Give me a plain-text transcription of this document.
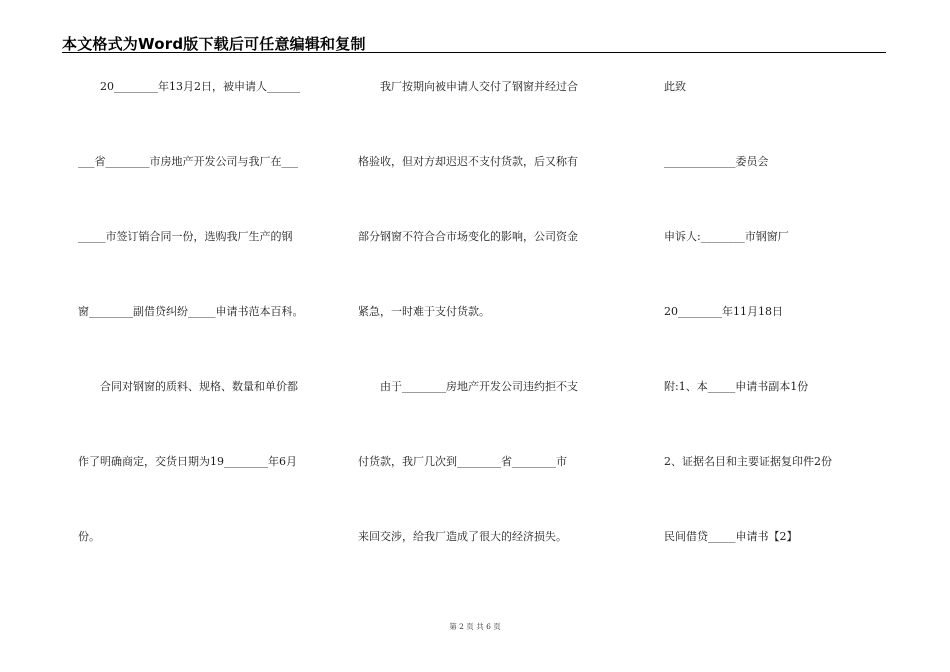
本文格式为Word版下载后可任意编辑和复制
20________年13月2日，被申请人______
___省________市房地产开发公司与我厂在___
_____市签订销合同一份，选购我厂生产的钢
窗________副借贷纠纷_____申请书范本百科。
合同对钢窗的质料、规格、数量和单价都
作了明确商定，交货日期为19________年6月
份。
我厂按期向被申请人交付了钢窗并经过合
格验收，但对方却迟迟不支付货款，后又称有
部分钢窗不符合合市场变化的影响，公司资金
紧急，一时难于支付货款。
由于________房地产开发公司违约拒不支
付货款，我厂几次到________省________市
来回交涉，给我厂造成了很大的经济损失。
此致
_____________委员会
申诉人:________市钢窗厂
20________年11月18日
附:1、本_____申请书副本1份
2、证据名目和主要证据复印件2份
民间借贷_____申请书【2】
第 2 页 共 6 页
